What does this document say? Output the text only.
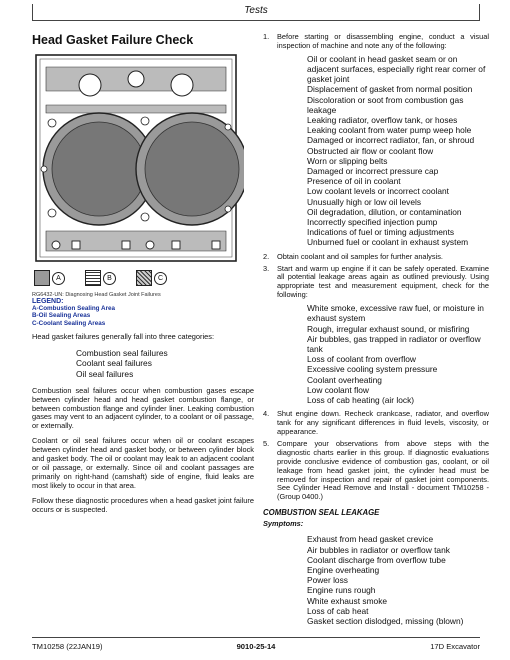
Tests
Head Gasket Failure Check
A	B	C
RG6432-UN: Diagnosing Head Gasket Joint Failures
LEGEND:
A-Combustion Sealing Area
B-Oil Sealing Areas
C-Coolant Sealing Areas

Head gasket failures generally fall into three categories:

Combustion seal failures
Coolant seal failures
Oil seal failures

Combustion seal failures occur when combustion gases escape between cylinder head and head gasket combustion flange, or between combustion flange and cylinder liner. Leaking combustion gases may vent to an adjacent cylinder, to a coolant or oil passage, or externally.

Coolant or oil seal failures occur when oil or coolant escapes between cylinder head and gasket body, or between cylinder block and gasket body. The oil or coolant may leak to an adjacent coolant or oil passage, or externally. Since oil and coolant passages are primarily on right-hand (camshaft) side of engine, fluid leaks are most likely to occur in that area.

Follow these diagnostic procedures when a head gasket joint failure occurs or is suspected.

1. Before starting or disassembling engine, conduct a visual inspection of machine and note any of the following:
Oil or coolant in head gasket seam or on adjacent surfaces, especially right rear corner of gasket joint
Displacement of gasket from normal position
Discoloration or soot from combustion gas leakage
Leaking radiator, overflow tank, or hoses
Leaking coolant from water pump weep hole
Damaged or incorrect radiator, fan, or shroud
Obstructed air flow or coolant flow
Worn or slipping belts
Damaged or incorrect pressure cap
Presence of oil in coolant
Low coolant levels or incorrect coolant
Unusually high or low oil levels
Oil degradation, dilution, or contamination
Incorrectly specified injection pump
Indications of fuel or timing adjustments
Unburned fuel or coolant in exhaust system
2. Obtain coolant and oil samples for further analysis.
3. Start and warm up engine if it can be safely operated. Examine all potential leakage areas again as outlined previously. Using appropriate test and measurement equipment, check for the following:
White smoke, excessive raw fuel, or moisture in exhaust system
Rough, irregular exhaust sound, or misfiring
Air bubbles, gas trapped in radiator or overflow tank
Loss of coolant from overflow
Excessive cooling system pressure
Coolant overheating
Low coolant flow
Loss of cab heating (air lock)
4. Shut engine down. Recheck crankcase, radiator, and overflow tank for any significant differences in fluid levels, viscosity, or appearance.
5. Compare your observations from above steps with the diagnostic charts earlier in this group. If diagnostic evaluations provide conclusive evidence of combustion gas, coolant, or oil leakage from head gasket joint, the cylinder head must be removed for inspection and repair of gasket joint components. See Cylinder Head Remove and Install - document TM10258 - (Group 0400.)
COMBUSTION SEAL LEAKAGE
Symptoms:
Exhaust from head gasket crevice
Air bubbles in radiator or overflow tank
Coolant discharge from overflow tube
Engine overheating
Power loss
Engine runs rough
White exhaust smoke
Loss of cab heat
Gasket section dislodged, missing (blown)
TM10258 (22JAN19)	9010-25-14	17D Excavator
